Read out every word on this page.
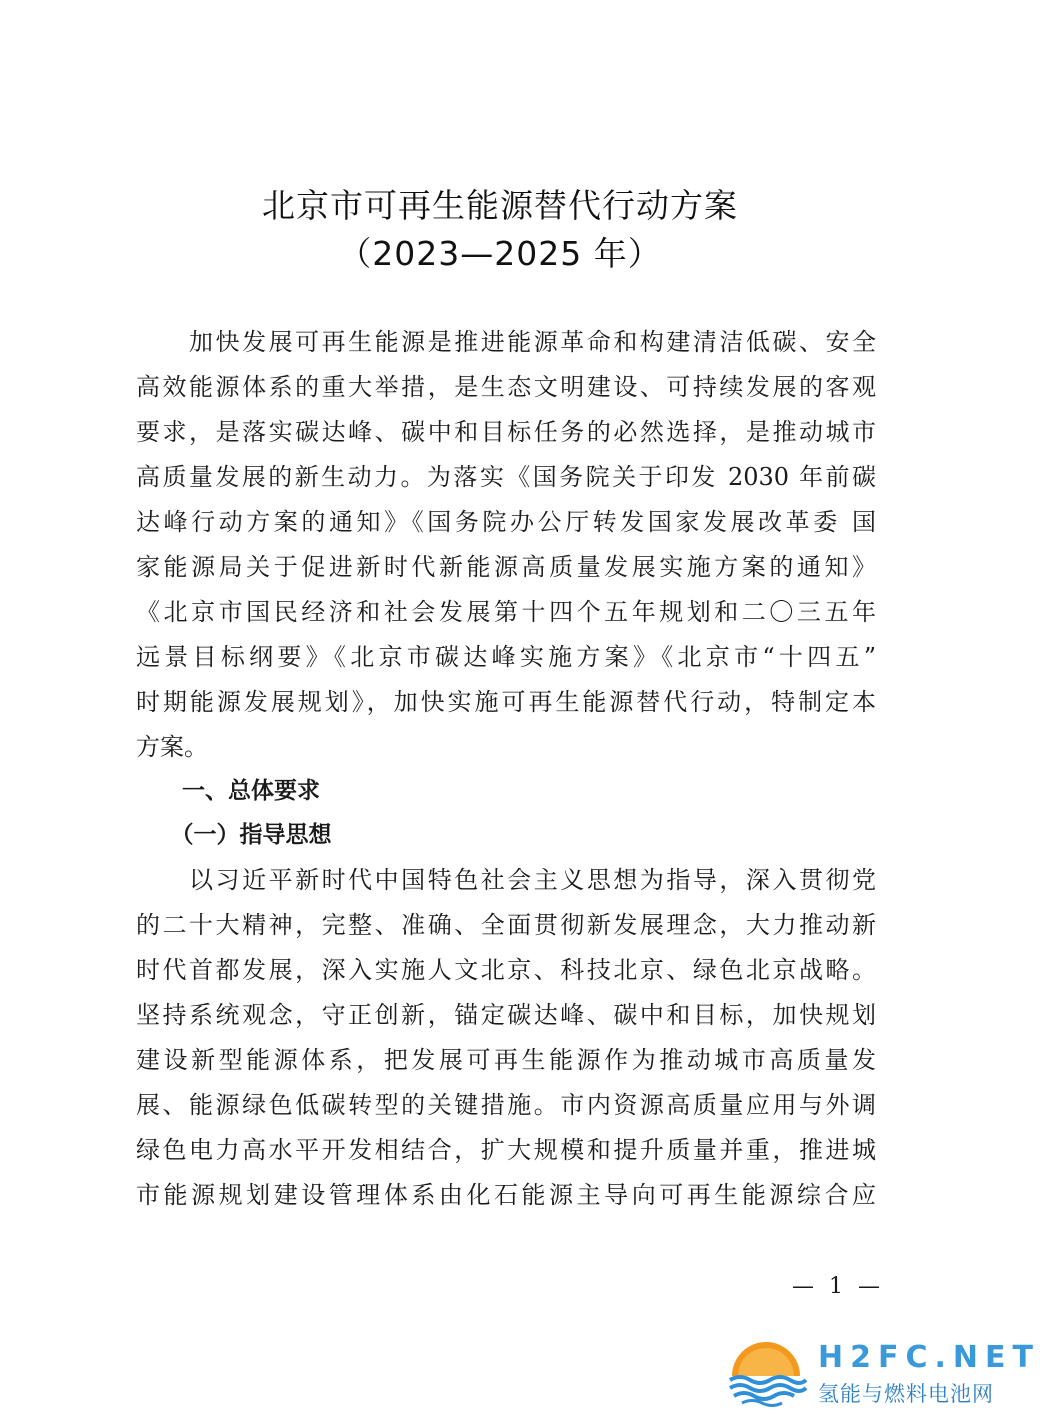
北京市可再生能源替代行动方案
（2023—2025 年）
　　加快发展可再生能源是推进能源革命和构建清洁低碳、安全
高效能源体系的重大举措，是生态文明建设、可持续发展的客观
要求，是落实碳达峰、碳中和目标任务的必然选择，是推动城市
高质量发展的新生动力。为落实《国务院关于印发 2030 年前碳
达峰行动方案的通知》《国务院办公厅转发国家发展改革委 国
家能源局关于促进新时代新能源高质量发展实施方案的通知》
《北京市国民经济和社会发展第十四个五年规划和二〇三五年
远景目标纲要》《北京市碳达峰实施方案》《北京市“十四五”
时期能源发展规划》，加快实施可再生能源替代行动，特制定本
方案。
　　一、总体要求
　　（一）指导思想
　　以习近平新时代中国特色社会主义思想为指导，深入贯彻党
的二十大精神，完整、准确、全面贯彻新发展理念，大力推动新
时代首都发展，深入实施人文北京、科技北京、绿色北京战略。
坚持系统观念，守正创新，锚定碳达峰、碳中和目标，加快规划
建设新型能源体系，把发展可再生能源作为推动城市高质量发
展、能源绿色低碳转型的关键措施。市内资源高质量应用与外调
绿色电力高水平开发相结合，扩大规模和提升质量并重，推进城
市能源规划建设管理体系由化石能源主导向可再生能源综合应
— 1 —
H2FC.NET
氢能与燃料电池网
